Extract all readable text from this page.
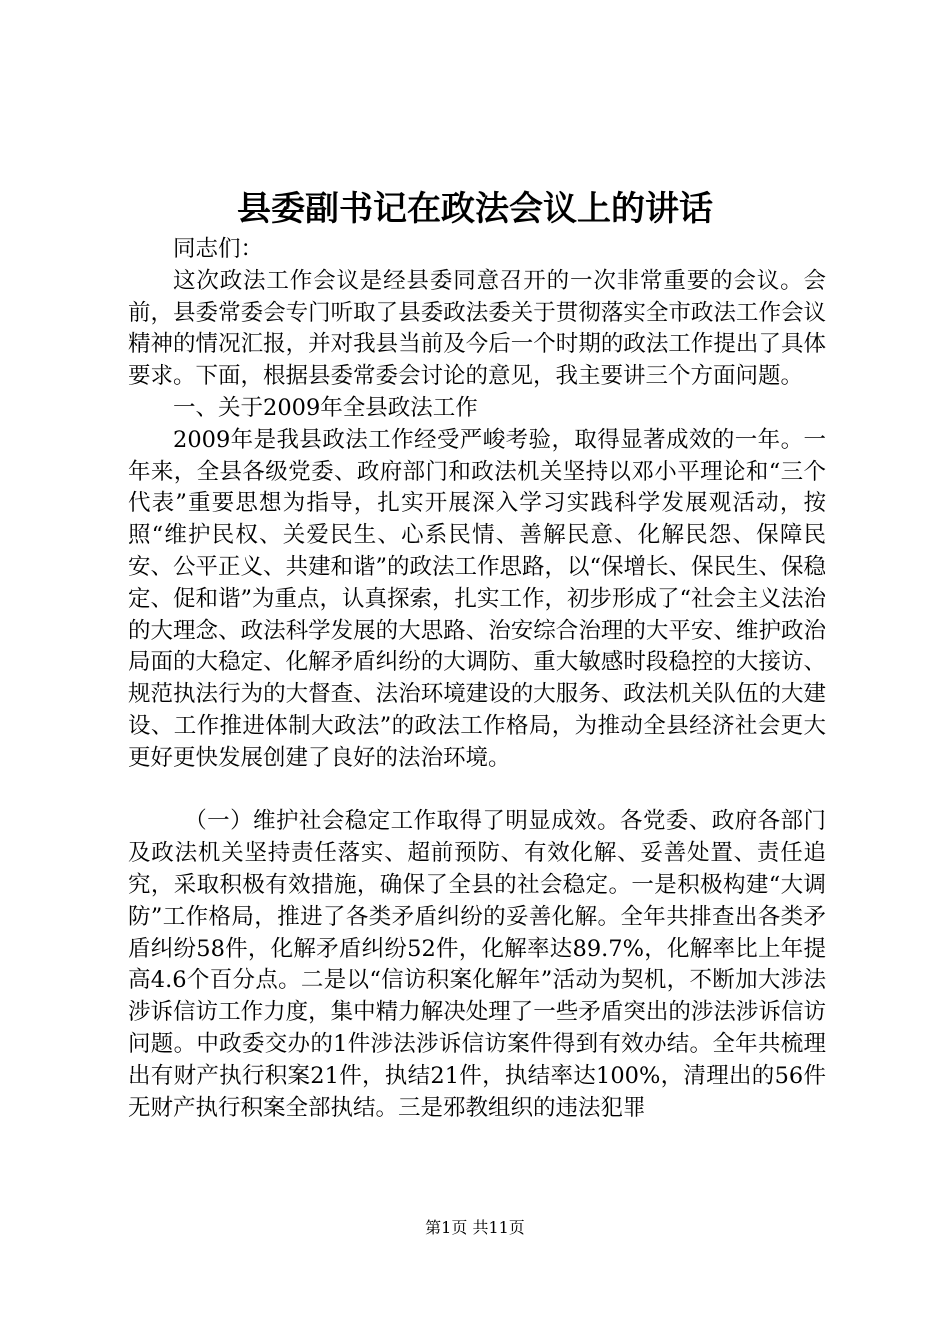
县委副书记在政法会议上的讲话

同志们：

这次政法工作会议是经县委同意召开的一次非常重要的会议。会前，县委常委会专门听取了县委政法委关于贯彻落实全市政法工作会议精神的情况汇报，并对我县当前及今后一个时期的政法工作提出了具体要求。下面，根据县委常委会讨论的意见，我主要讲三个方面问题。

一、关于2009年全县政法工作

2009年是我县政法工作经受严峻考验，取得显著成效的一年。一年来，全县各级党委、政府部门和政法机关坚持以邓小平理论和“三个代表”重要思想为指导，扎实开展深入学习实践科学发展观活动，按照“维护民权、关爱民生、心系民情、善解民意、化解民怨、保障民安、公平正义、共建和谐”的政法工作思路，以“保增长、保民生、保稳定、促和谐”为重点，认真探索，扎实工作，初步形成了“社会主义法治的大理念、政法科学发展的大思路、治安综合治理的大平安、维护政治局面的大稳定、化解矛盾纠纷的大调防、重大敏感时段稳控的大接访、规范执法行为的大督查、法治环境建设的大服务、政法机关队伍的大建设、工作推进体制大政法”的政法工作格局，为推动全县经济社会更大更好更快发展创建了良好的法治环境。

（一）维护社会稳定工作取得了明显成效。各党委、政府各部门及政法机关坚持责任落实、超前预防、有效化解、妥善处置、责任追究，采取积极有效措施，确保了全县的社会稳定。一是积极构建“大调防”工作格局，推进了各类矛盾纠纷的妥善化解。全年共排查出各类矛盾纠纷58件，化解矛盾纠纷52件，化解率达89.7%，化解率比上年提高4.6个百分点。二是以“信访积案化解年”活动为契机，不断加大涉法涉诉信访工作力度，集中精力解决处理了一些矛盾突出的涉法涉诉信访问题。中政委交办的1件涉法涉诉信访案件得到有效办结。全年共梳理出有财产执行积案21件，执结21件，执结率达100%，清理出的56件无财产执行积案全部执结。三是邪教组织的违法犯罪

第1页 共11页
